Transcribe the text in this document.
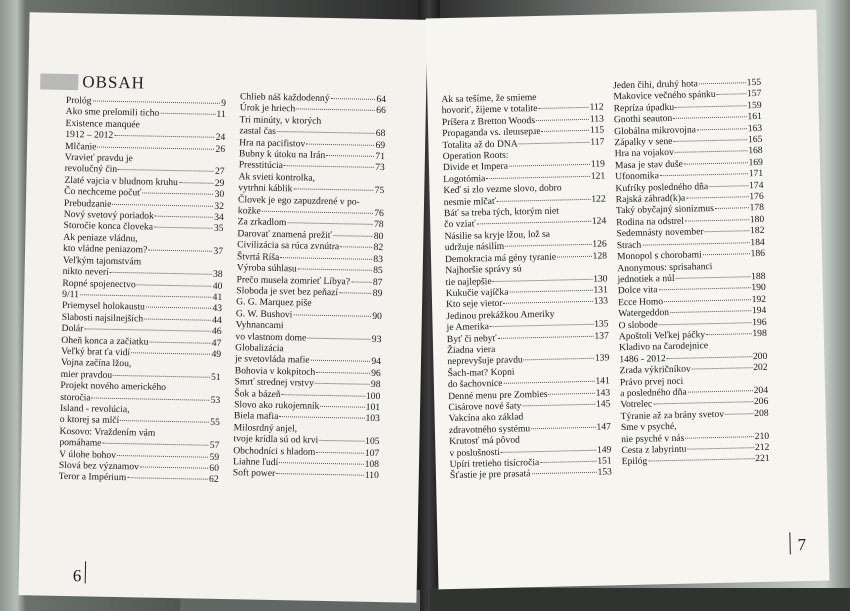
OBSAH
Prológ	9
Ako sme prelomili ticho	11
Existence manquée
1912 – 2012	24
Mlčanie	26
Vravieť pravdu je
revolučný čin	27
Zlaté vajcia v bludnom kruhu	29
Čo nechceme počuť	30
Prebudzanie	32
Nový svetový poriadok	34
Storočie konca človeka	35
Ak peniaze vládnu,
kto vládne peniazom?	37
Veľkým tajomstvám
nikto neverí	38
Ropné spojenectvo	40
9/11	41
Priemysel holokaustu	43
Slabosti najsilnejších	44
Dolár	46
Oheň konca a začiatku	47
Veľký brat ťa vidí	49
Vojna začína lžou,
mier pravdou	51
Projekt nového amerického
storočia	53
Island - revolúcia,
o ktorej sa mlčí	55
Kosovo: Vraždením vám
pomáhame	57
V úlohe bohov	59
Slová bez významov	60
Teror a Impérium	62
Chlieb náš každodenný	64
Úrok je hriech	66
Tri minúty, v ktorých
zastal čas	68
Hra na pacifistov	69
Bubny k útoku na Irán	71
Presstitúcia	73
Ak svieti kontrolka,
vytrhni káblik	75
Človek je ego zapuzdrené v po-
kožke	76
Za zrkadlom	78
Darovať znamená prežiť	80
Civilizácia sa rúca zvnútra	82
Štvrtá Ríša	83
Výroba súhlasu	85
Prečo musela zomrieť Líbya? 87
Sloboda je svet bez peňazí	89
G. G. Marquez píše
G. W. Bushovi	90
Vyhnancami
vo vlastnom dome	93
Globalizácia
je svetovláda mafie	94
Bohovia v kokpitoch	96
Smrť strednej vrstvy	98
Šok a bázeň	100
Slovo ako rukojemník	101
Biela mafia	103
Milosrdný anjel,
tvoje krídla sú od krvi	105
Obchodníci s hladom	107
Liahne ľudí	108
Soft power	110
6
Ak sa tešíme, že smieme
hovoriť, žijeme v totalite	112
Príšera z Bretton Woods	113
Propaganda vs. ılɐuısɐpɹɐ	115
Totalita až do DNA	117
Operation Roots:
Divide et Impera	119
Logotómia	121
Keď si zlo vezme slovo, dobro
nesmie mlčať	122
Báť sa treba tých, ktorým niet
čo vziať	124
Násilie sa kryje lžou, lož sa
udržuje násilím	126
Demokracia má gény tyranie	128
Najhoršie správy sú
tie najlepšie	130
Kukučie vajíčka	131
Kto seje vietor	133
Jedinou prekážkou Ameriky
je Amerika	135
Byť či nebyť	137
Žiadna viera
neprevyšuje pravdu	139
Šach-mat? Kopni
do šachovnice	141
Denné menu pre Zombies	143
Cisárove nové šaty	145
Vakcína ako základ
zdravotného systému	147
Krutosť má pôvod
v poslušnosti	149
Upíri tretieho tisícročia	151
Šťastie je pre prasatá	153
Jeden čihi, druhý hota	155
Makovice večného spánku	157
Repríza úpadku	159
Gnothi seauton	161
Globálna mikrovojna	163
Zápalky v sene	165
Hra na vojakov	168
Masa je stav duše	169
Ufonomika	171
Kufríky posledného dňa	174
Rajská záhrad(k)a	176
Taký obyčajný sionizmus	178
Rodina na odstrel	180
Sedemnásty november	182
Strach	184
Monopol s chorobami	186
Anonymous: sprisahanci
jednotiek a núl	188
Dolce vita	190
Ecce Homo	192
Watergeddon	194
O slobode	196
Apoštoli Veľkej páčky	198
Kladivo na čarodejnice
1486 - 2012	200
Zrada výkričníkov	202
Právo prvej noci
a posledného dňa	204
Votrelec	206
Týranie až za brány svetov	208
Sme v psyché,
nie psyché v nás	210
Cesta z labyrintu	212
Epilóg	221
7
